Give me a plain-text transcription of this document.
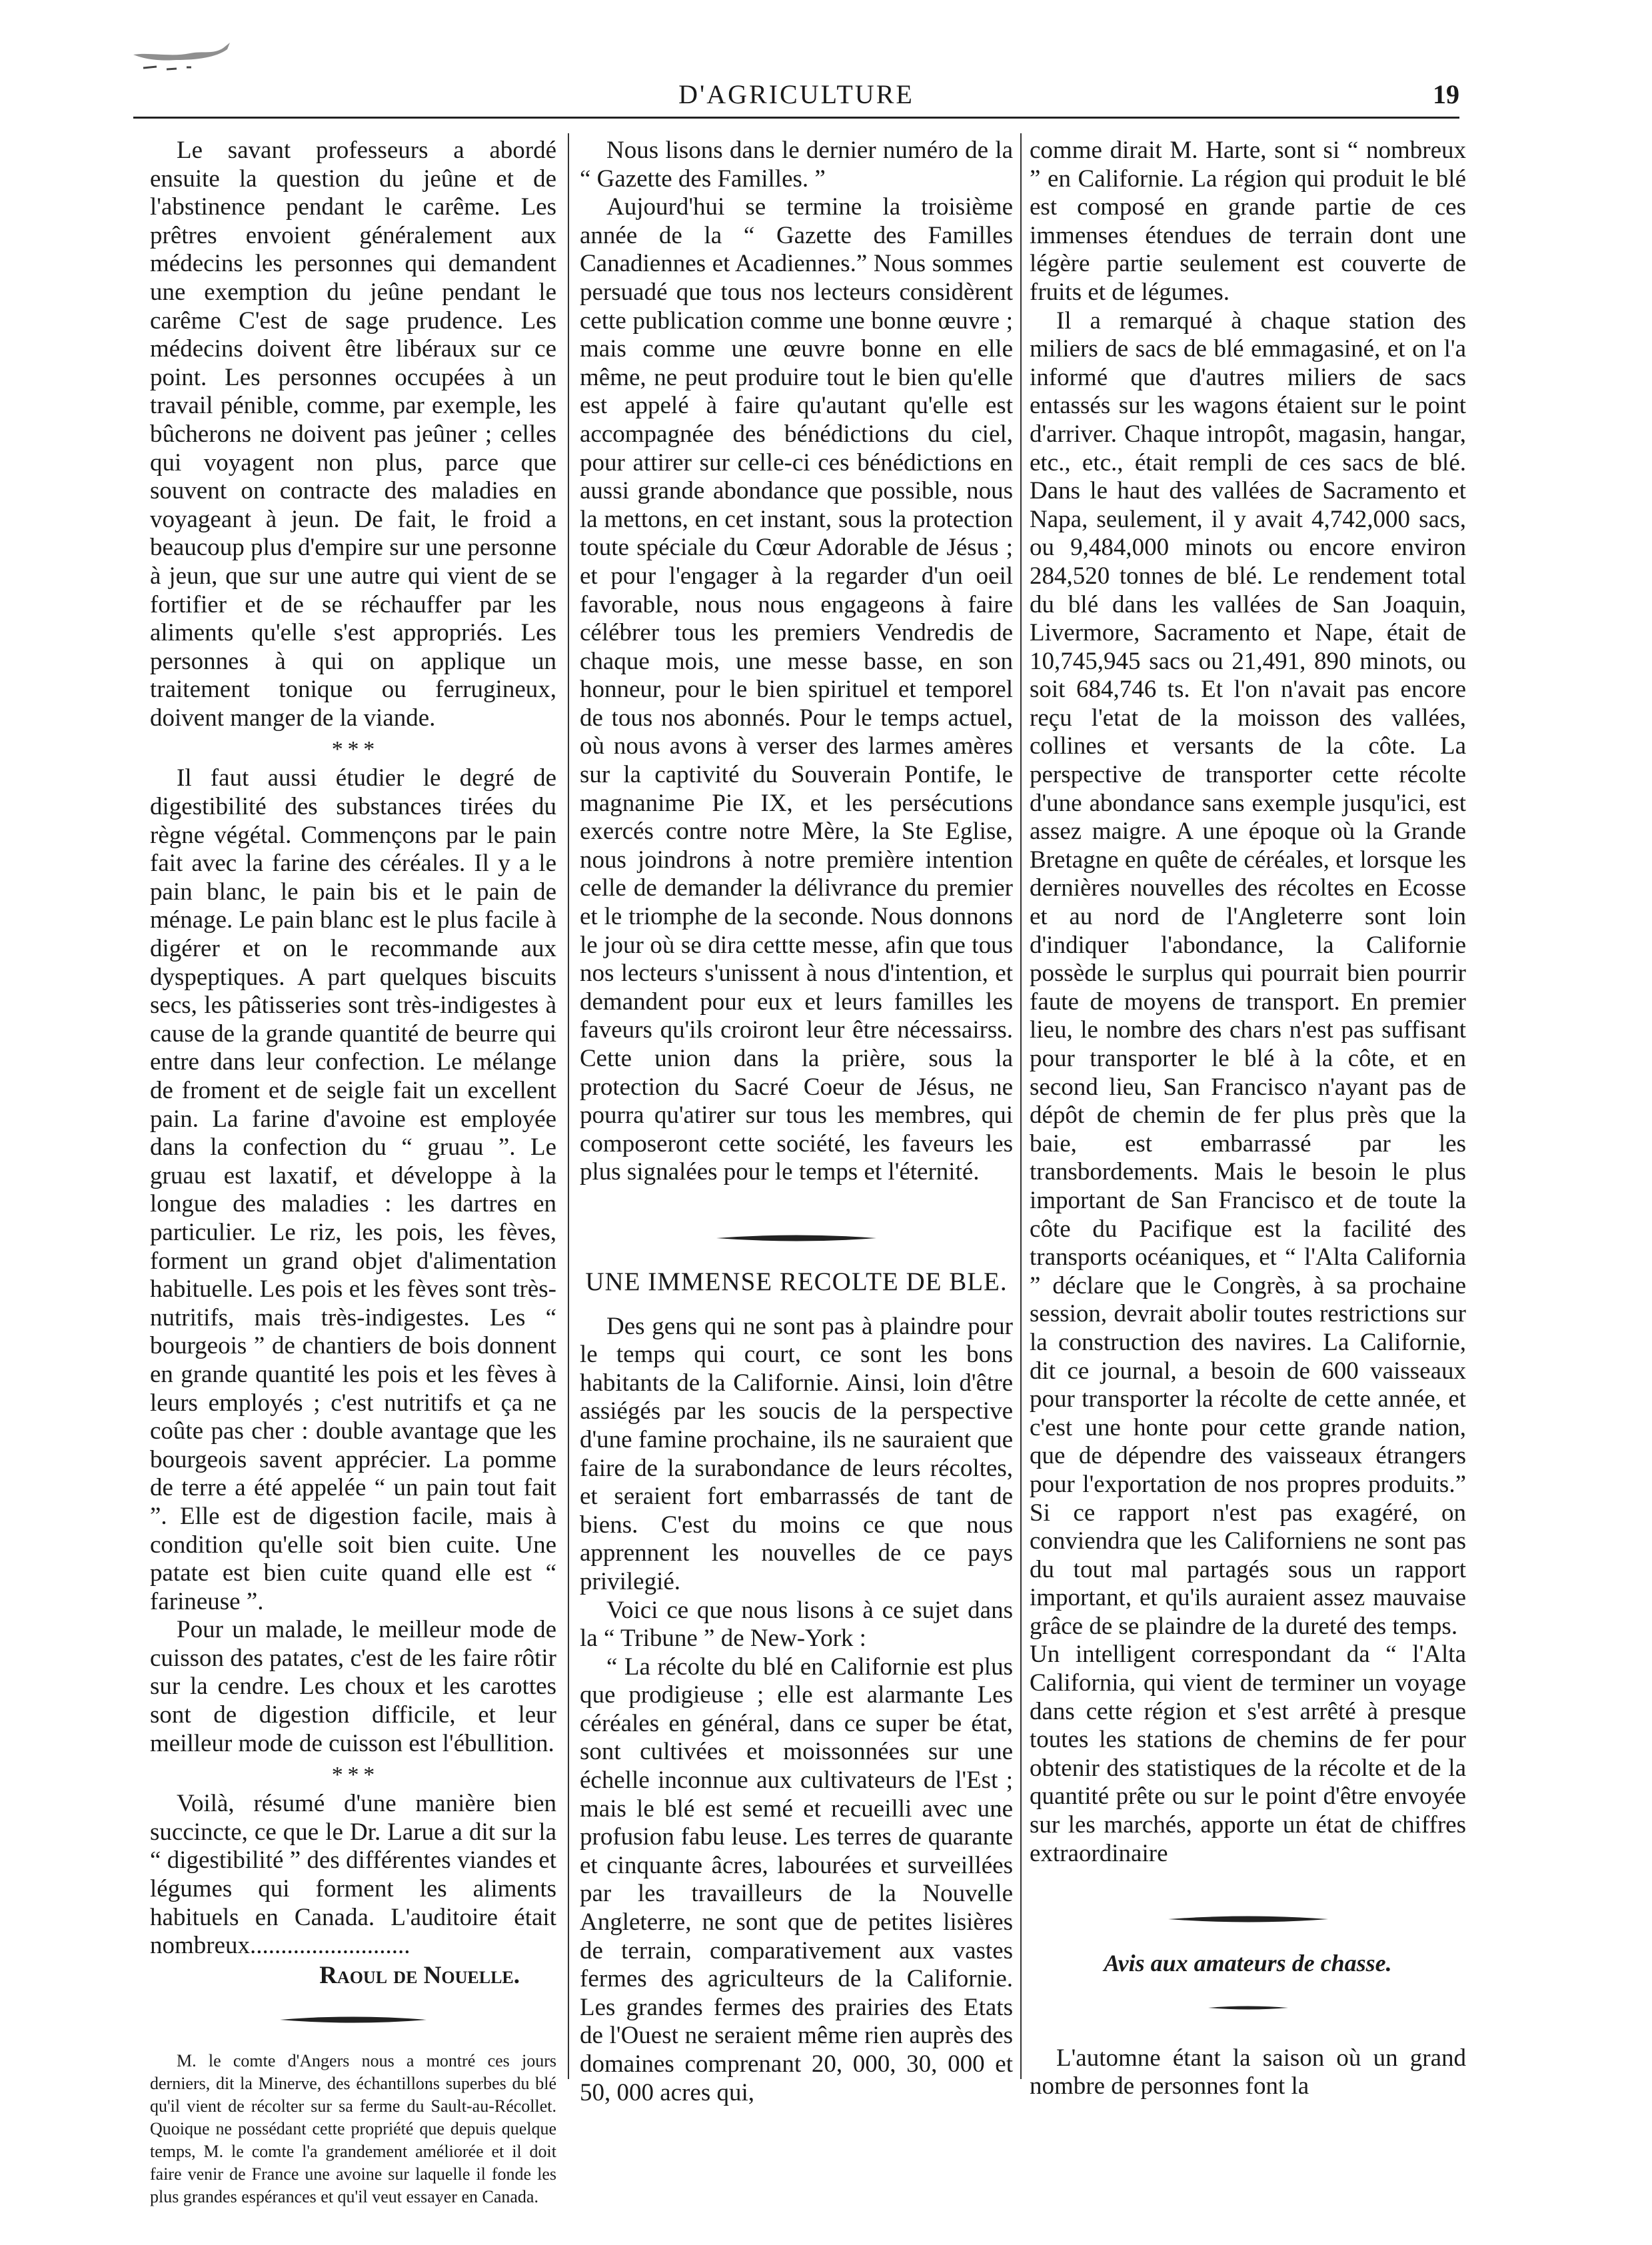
D'AGRICULTURE	19

Le savant professeurs a abordé ensuite la question du jeûne et de l'abstinence pendant le carême. Les prêtres envoient généralement aux médecins les personnes qui demandent une exemption du jeûne pendant le carême C'est de sage prudence. Les médecins doivent être libéraux sur ce point. Les personnes occupées à un travail pénible, comme, par exemple, les bûcherons ne doivent pas jeûner ; celles qui voyagent non plus, parce que souvent on contracte des maladies en voyageant à jeun. De fait, le froid a beaucoup plus d'empire sur une personne à jeun, que sur une autre qui vient de se fortifier et de se réchauffer par les aliments qu'elle s'est appropriés. Les personnes à qui on applique un traitement tonique ou ferrugineux, doivent manger de la viande.

* * *

Il faut aussi étudier le degré de digestibilité des substances tirées du règne végétal. Commençons par le pain fait avec la farine des céréales. Il y a le pain blanc, le pain bis et le pain de ménage. Le pain blanc est le plus facile à digérer et on le recommande aux dyspeptiques. A part quelques biscuits secs, les pâtisseries sont très-indigestes à cause de la grande quantité de beurre qui entre dans leur confection. Le mélange de froment et de seigle fait un excellent pain. La farine d'avoine est employée dans la confection du “ gruau ”. Le gruau est laxatif, et développe à la longue des maladies : les dartres en particulier. Le riz, les pois, les fèves, forment un grand objet d'alimentation habituelle. Les pois et les fèves sont très-nutritifs, mais très-indigestes. Les “ bourgeois ” de chantiers de bois donnent en grande quantité les pois et les fèves à leurs employés ; c'est nutritifs et ça ne coûte pas cher : double avantage que les bourgeois savent apprécier. La pomme de terre a été appelée “ un pain tout fait ”. Elle est de digestion facile, mais à condition qu'elle soit bien cuite. Une patate est bien cuite quand elle est “ farineuse ”.

Pour un malade, le meilleur mode de cuisson des patates, c'est de les faire rôtir sur la cendre. Les choux et les carottes sont de digestion difficile, et leur meilleur mode de cuisson est l'ébullition.

* * *

Voilà, résumé d'une manière bien succincte, ce que le Dr. Larue a dit sur la “ digestibilité ” des différentes viandes et légumes qui forment les aliments habituels en Canada. L'auditoire était nombreux..........................

Raoul de Nouelle.

M. le comte d'Angers nous a montré ces jours derniers, dit la Minerve, des échantillons superbes du blé qu'il vient de récolter sur sa ferme du Sault-au-Récollet. Quoique ne possédant cette propriété que depuis quelque temps, M. le comte l'a grandement améliorée et il doit faire venir de France une avoine sur laquelle il fonde les plus grandes espérances et qu'il veut essayer en Canada.

Nous lisons dans le dernier numéro de la “ Gazette des Familles. ”

Aujourd'hui se termine la troisième année de la “ Gazette des Familles Canadiennes et Acadiennes.” Nous sommes persuadé que tous nos lecteurs considèrent cette publication comme une bonne œuvre ; mais comme une œuvre bonne en elle même, ne peut produire tout le bien qu'elle est appelé à faire qu'autant qu'elle est accompagnée des bénédictions du ciel, pour attirer sur celle-ci ces bénédictions en aussi grande abondance que possible, nous la mettons, en cet instant, sous la protection toute spéciale du Cœur Adorable de Jésus ; et pour l'engager à la regarder d'un oeil favorable, nous nous engageons à faire célébrer tous les premiers Vendredis de chaque mois, une messe basse, en son honneur, pour le bien spirituel et temporel de tous nos abonnés. Pour le temps actuel, où nous avons à verser des larmes amères sur la captivité du Souverain Pontife, le magnanime Pie IX, et les persécutions exercés contre notre Mère, la Ste Eglise, nous joindrons à notre première intention celle de demander la délivrance du premier et le triomphe de la seconde. Nous donnons le jour où se dira cettte messe, afin que tous nos lecteurs s'unissent à nous d'intention, et demandent pour eux et leurs familles les faveurs qu'ils croiront leur être nécessairss. Cette union dans la prière, sous la protection du Sacré Coeur de Jésus, ne pourra qu'atirer sur tous les membres, qui composeront cette société, les faveurs les plus signalées pour le temps et l'éternité.

UNE IMMENSE RECOLTE DE BLE.

Des gens qui ne sont pas à plaindre pour le temps qui court, ce sont les bons habitants de la Californie. Ainsi, loin d'être assiégés par les soucis de la perspective d'une famine prochaine, ils ne sauraient que faire de la surabondance de leurs récoltes, et seraient fort embarrassés de tant de biens. C'est du moins ce que nous apprennent les nouvelles de ce pays privilegié.

Voici ce que nous lisons à ce sujet dans la “ Tribune ” de New-York :

“ La récolte du blé en Californie est plus que prodigieuse ; elle est alarmante Les céréales en général, dans ce super be état, sont cultivées et moissonnées sur une échelle inconnue aux cultivateurs de l'Est ; mais le blé est semé et recueilli avec une profusion fabu leuse. Les terres de quarante et cinquante âcres, labourées et surveillées par les travailleurs de la Nouvelle Angleterre, ne sont que de petites lisières de terrain, comparativement aux vastes fermes des agriculteurs de la Californie. Les grandes fermes des prairies des Etats de l'Ouest ne seraient même rien auprès des domaines comprenant 20, 000, 30, 000 et 50, 000 acres qui,

comme dirait M. Harte, sont si “ nombreux ” en Californie. La région qui produit le blé est composé en grande partie de ces immenses étendues de terrain dont une légère partie seulement est couverte de fruits et de légumes.

Il a remarqué à chaque station des miliers de sacs de blé emmagasiné, et on l'a informé que d'autres miliers de sacs entassés sur les wagons étaient sur le point d'arriver. Chaque intropôt, magasin, hangar, etc., etc., était rempli de ces sacs de blé. Dans le haut des vallées de Sacramento et Napa, seulement, il y avait 4,742,000 sacs, ou 9,484,000 minots ou encore environ 284,520 tonnes de blé. Le rendement total du blé dans les vallées de San Joaquin, Livermore, Sacramento et Nape, était de 10,745,945 sacs ou 21,491, 890 minots, ou soit 684,746 ts. Et l'on n'avait pas encore reçu l'etat de la moisson des vallées, collines et versants de la côte. La perspective de transporter cette récolte d'une abondance sans exemple jusqu'ici, est assez maigre. A une époque où la Grande Bretagne en quête de céréales, et lorsque les dernières nouvelles des récoltes en Ecosse et au nord de l'Angleterre sont loin d'indiquer l'abondance, la Californie possède le surplus qui pourrait bien pourrir faute de moyens de transport. En premier lieu, le nombre des chars n'est pas suffisant pour transporter le blé à la côte, et en second lieu, San Francisco n'ayant pas de dépôt de chemin de fer plus près que la baie, est embarrassé par les transbordements. Mais le besoin le plus important de San Francisco et de toute la côte du Pacifique est la facilité des transports océaniques, et “ l'Alta California ” déclare que le Congrès, à sa prochaine session, devrait abolir toutes restrictions sur la construction des navires. La Californie, dit ce journal, a besoin de 600 vaisseaux pour transporter la récolte de cette année, et c'est une honte pour cette grande nation, que de dépendre des vaisseaux étrangers pour l'exportation de nos propres produits.” Si ce rapport n'est pas exagéré, on conviendra que les Californiens ne sont pas du tout mal partagés sous un rapport important, et qu'ils auraient assez mauvaise grâce de se plaindre de la dureté des temps.

Un intelligent correspondant da “ l'Alta California, qui vient de terminer un voyage dans cette région et s'est arrêté à presque toutes les stations de chemins de fer pour obtenir des statistiques de la récolte et de la quantité prête ou sur le point d'être envoyée sur les marchés, apporte un état de chiffres extraordinaire

Avis aux amateurs de chasse.

L'automne étant la saison où un grand nombre de personnes font la
